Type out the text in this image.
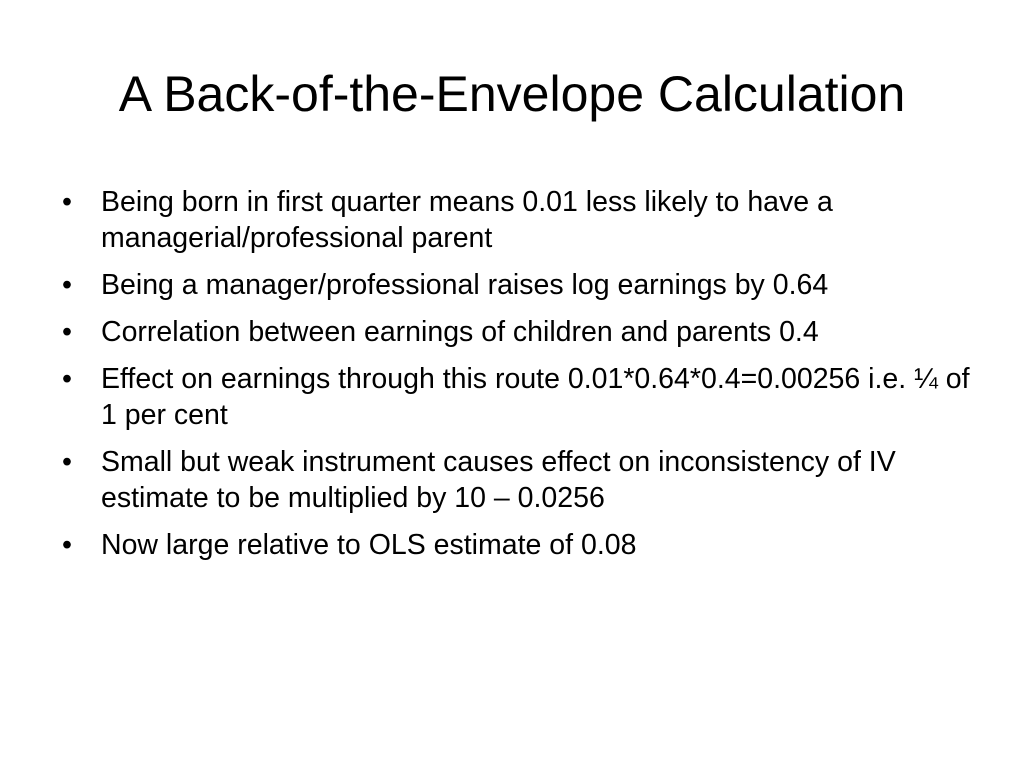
A Back-of-the-Envelope Calculation
•	Being born in first quarter means 0.01 less likely to have a managerial/professional parent
•	Being a manager/professional raises log earnings by 0.64
•	Correlation between earnings of children and parents 0.4
•	Effect on earnings through this route 0.01*0.64*0.4=0.00256 i.e. ¼ of 1 per cent
•	Small but weak instrument causes effect on inconsistency of IV estimate to be multiplied by 10 – 0.0256
•	Now large relative to OLS estimate of 0.08
